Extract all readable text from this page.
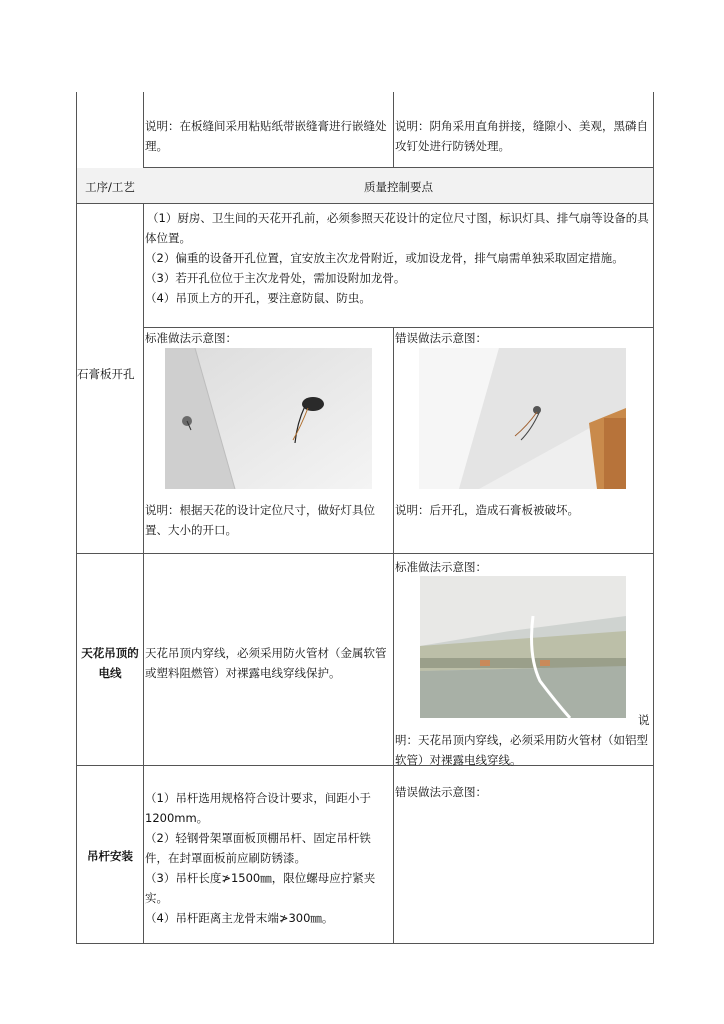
说明：在板缝间采用粘贴纸带嵌缝膏进行嵌缝处理。
说明：阴角采用直角拼接，缝隙小、美观，黑磷自攻钉处进行防锈处理。
工序/工艺	质量控制要点
石膏板开孔
（1）厨房、卫生间的天花开孔前，必须参照天花设计的定位尺寸图，标识灯具、排气扇等设备的具体位置。
（2）偏重的设备开孔位置，宜安放主次龙骨附近，或加设龙骨，排气扇需单独采取固定措施。
（3）若开孔位位于主次龙骨处，需加设附加龙骨。
（4）吊顶上方的开孔，要注意防鼠、防虫。
标准做法示意图：	错误做法示意图：
说明：根据天花的设计定位尺寸，做好灯具位置、大小的开口。
说明：后开孔，造成石膏板被破坏。
天花吊顶的电线
天花吊顶内穿线，必须采用防火管材（金属软管或塑料阻燃管）对裸露电线穿线保护。
标准做法示意图：
说明：天花吊顶内穿线，必须采用防火管材（如铝型软管）对裸露电线穿线。
吊杆安装
（1）吊杆选用规格符合设计要求，间距小于 1200mm。
（2）轻钢骨架罩面板顶棚吊杆、固定吊杆铁件，在封罩面板前应刷防锈漆。
（3）吊杆长度≯1500㎜，限位螺母应拧紧夹实。
（4）吊杆距离主龙骨末端≯300㎜。
错误做法示意图：
